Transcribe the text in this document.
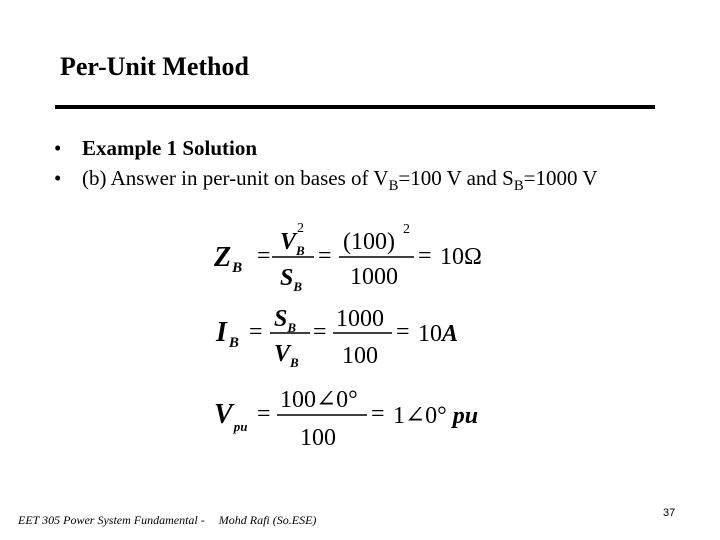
Per-Unit Method
• Example 1 Solution
• (b) Answer in per-unit on bases of $V_B=100$ V and $S_B=1000$ V
$Z_B$ =
$V_B$
2
$S_B$
=
(100) 2
1000
= 10Ω
I $_B = S_B$
$V_B$
= 1000
100
= 10A
$V_{pu}$ =
100∠0°
100
= 1∠0° pu
EET 305 Power System Fundamental - Mohd Rafi (So.ESE)	37
